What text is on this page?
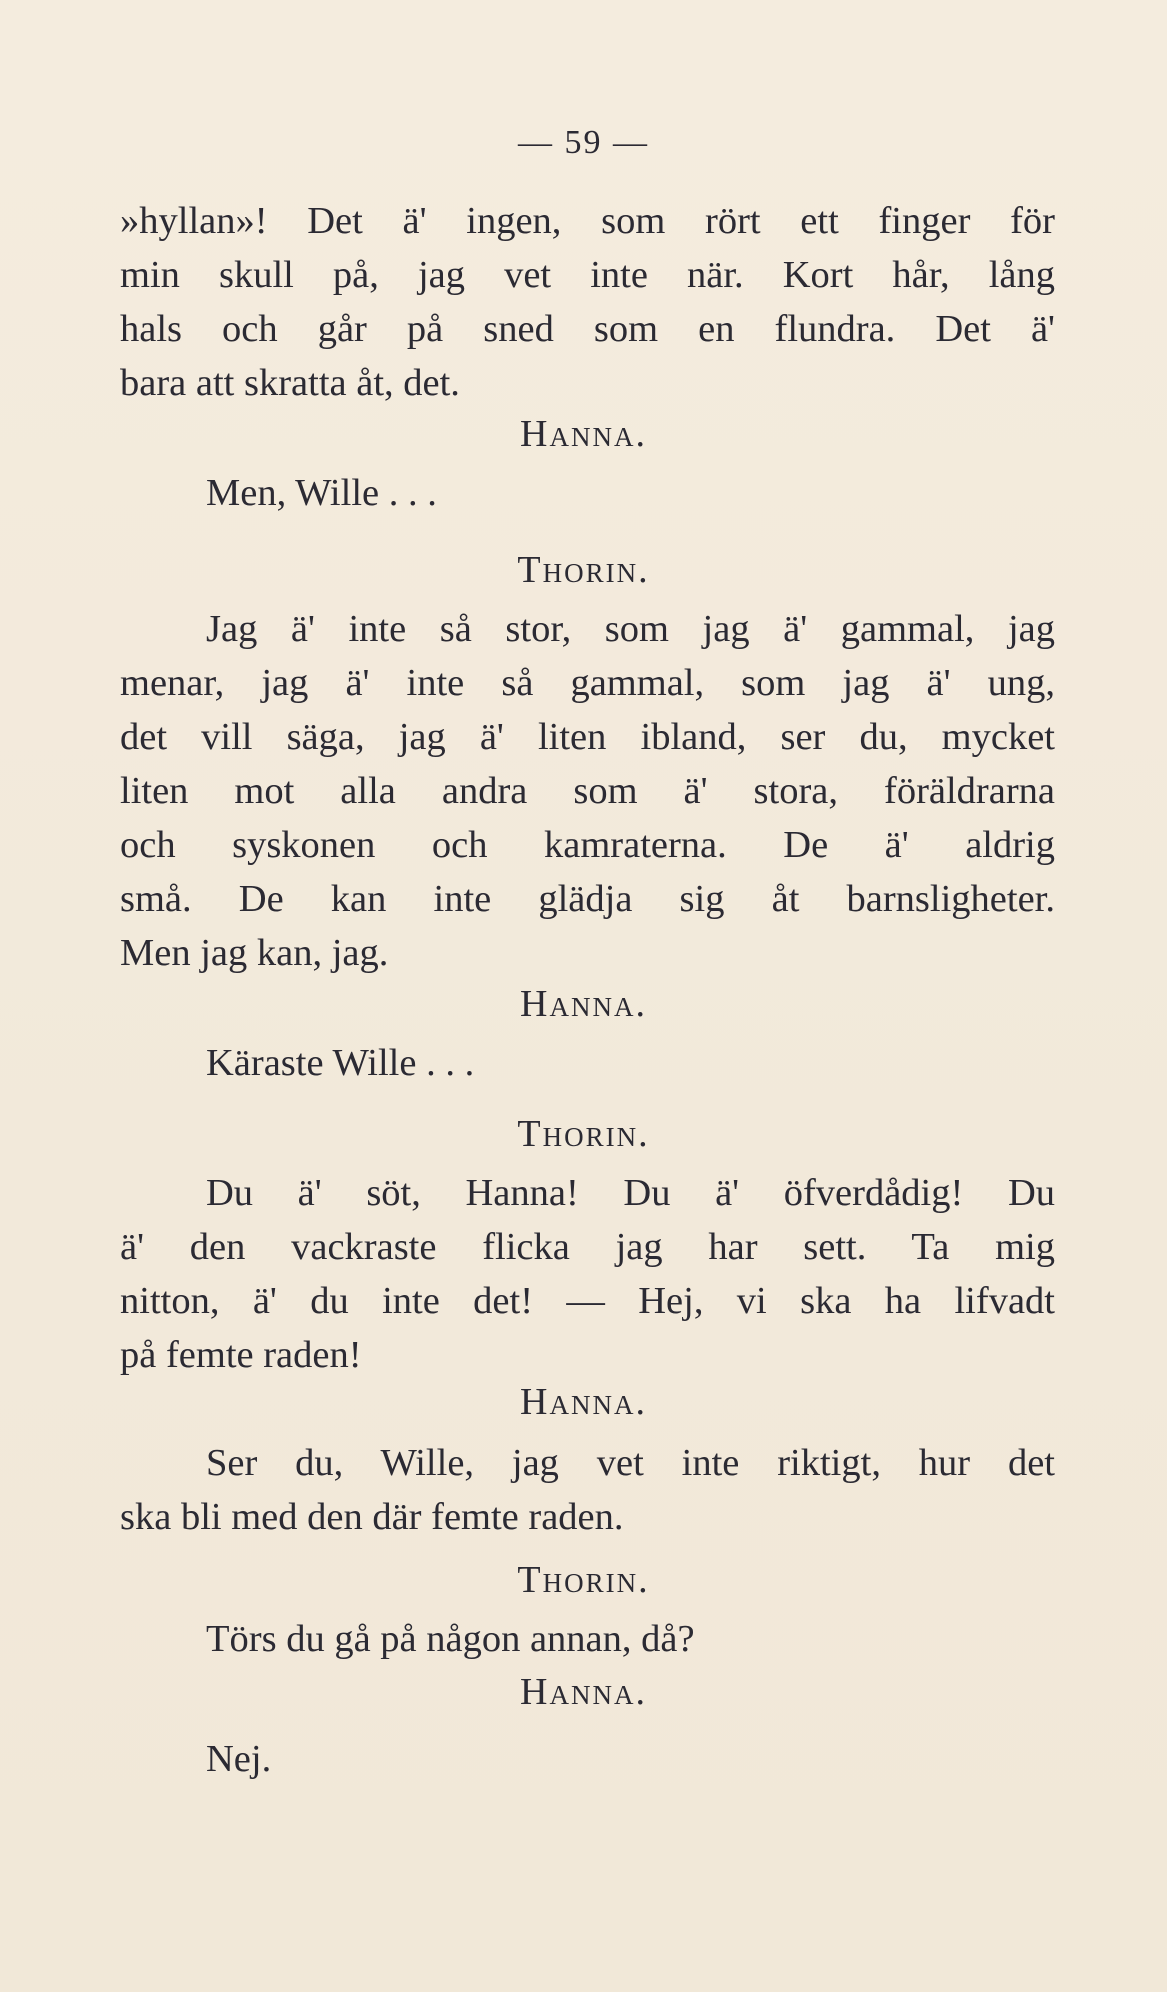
— 59 —
»hyllan»! Det ä' ingen, som rört ett finger för
min skull på, jag vet inte när. Kort hår, lång
hals och går på sned som en flundra. Det ä'
bara att skratta åt, det.
Hanna.
Men, Wille . . .
Thorin.
Jag ä' inte så stor, som jag ä' gammal, jag
menar, jag ä' inte så gammal, som jag ä' ung,
det vill säga, jag ä' liten ibland, ser du, mycket
liten mot alla andra som ä' stora, föräldrarna
och syskonen och kamraterna. De ä' aldrig
små. De kan inte glädja sig åt barnsligheter.
Men jag kan, jag.
Hanna.
Käraste Wille . . .
Thorin.
Du ä' söt, Hanna! Du ä' öfverdådig! Du
ä' den vackraste flicka jag har sett. Ta mig
nitton, ä' du inte det! — Hej, vi ska ha lifvadt
på femte raden!
Hanna.
Ser du, Wille, jag vet inte riktigt, hur det
ska bli med den där femte raden.
Thorin.
Törs du gå på någon annan, då?
Hanna.
Nej.
